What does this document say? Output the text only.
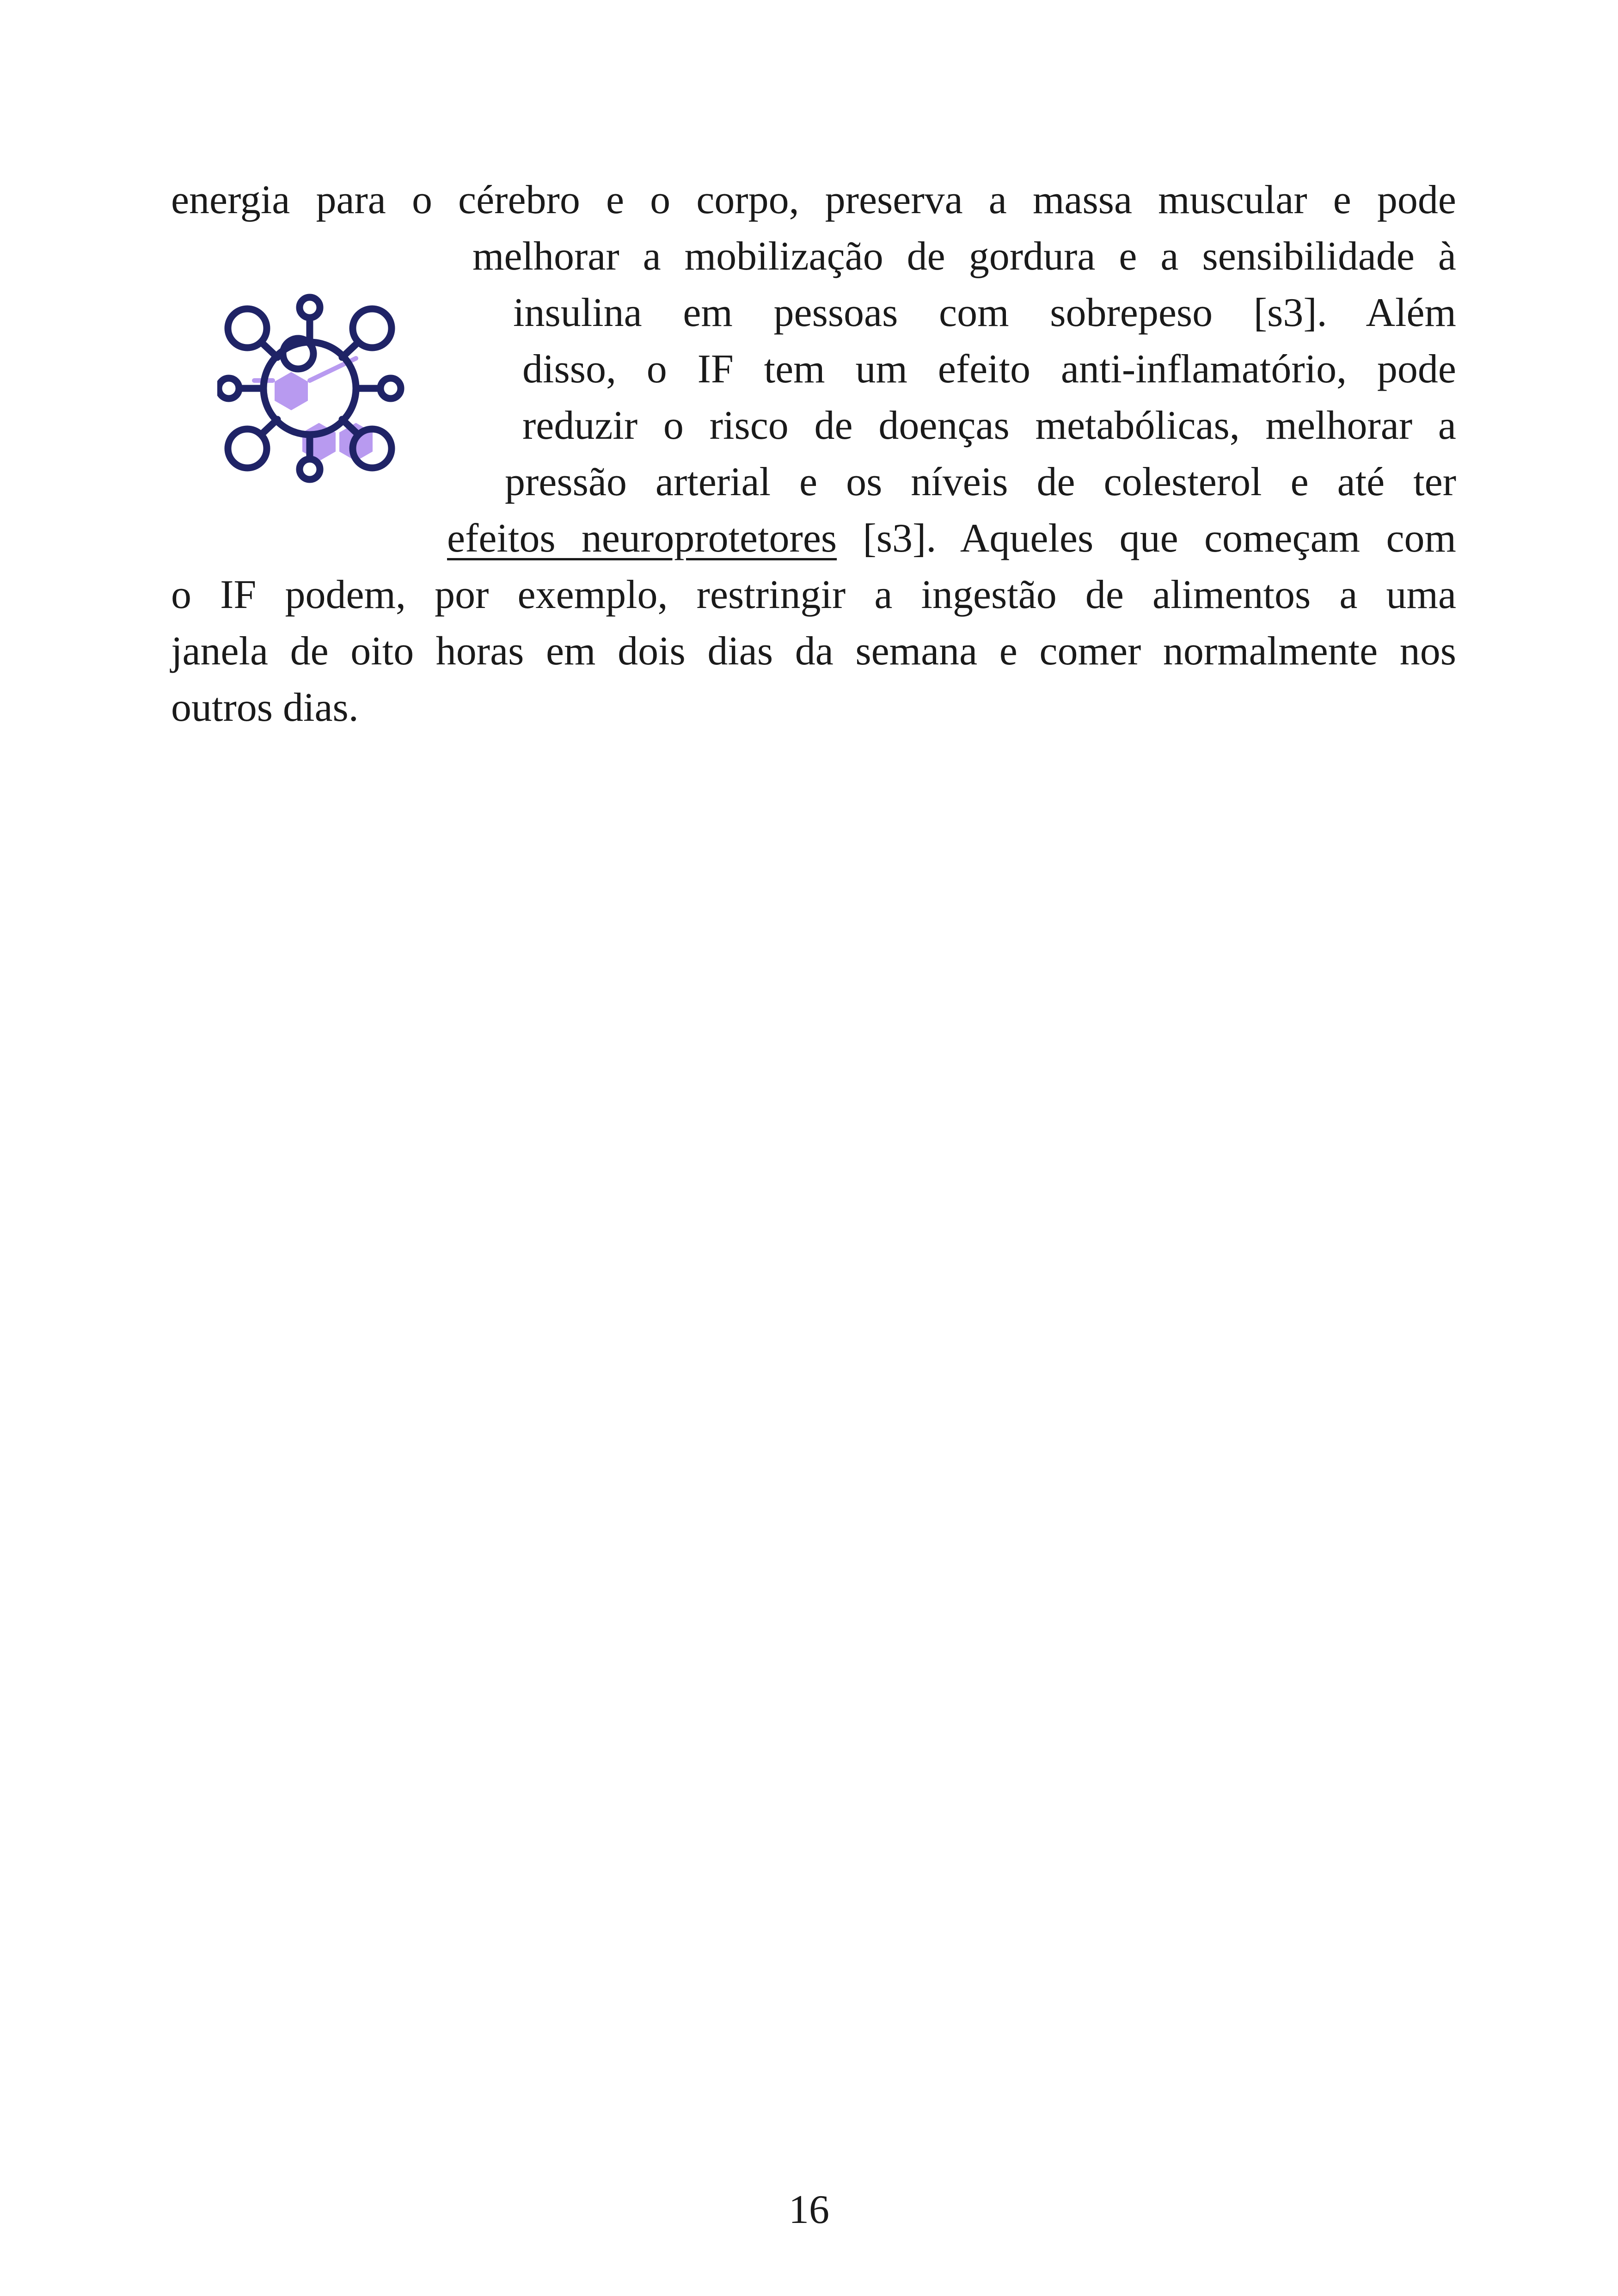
energia para o cérebro e o corpo, preserva a massa muscular e pode
melhorar a mobilização de gordura e a sensibilidade à
insulina em pessoas com sobrepeso [s3]. Além
disso, o IF tem um efeito anti-inflamatório, pode
reduzir o risco de doenças metabólicas, melhorar a
pressão arterial e os níveis de colesterol e até ter
efeitos neuroprotetores [s3]. Aqueles que começam com
o IF podem, por exemplo, restringir a ingestão de alimentos a uma
janela de oito horas em dois dias da semana e comer normalmente nos
outros dias.
16
